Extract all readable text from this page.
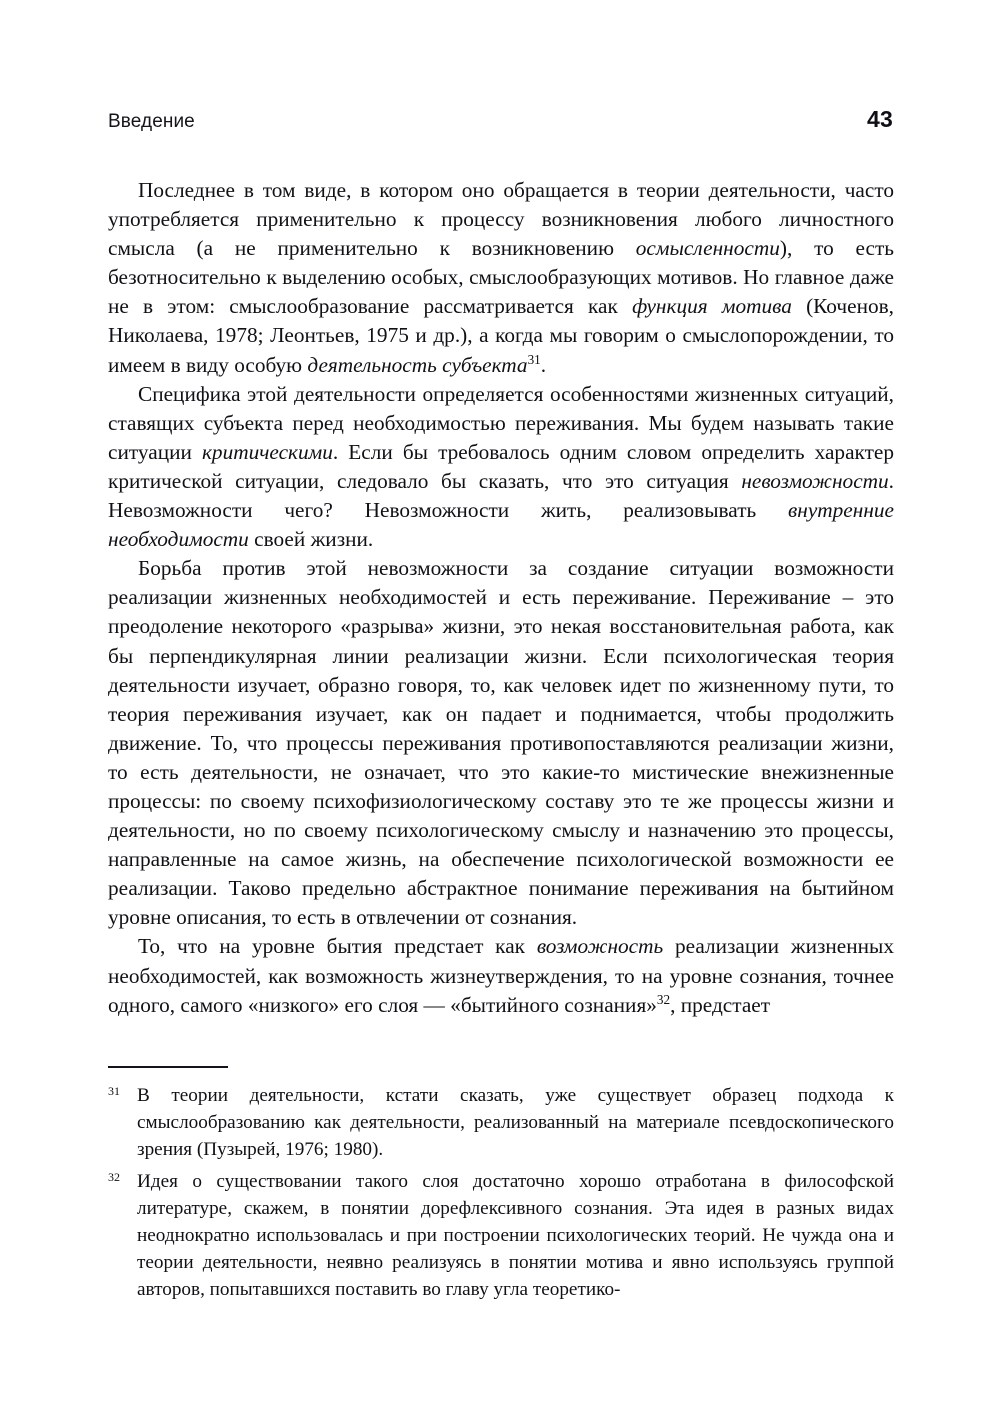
Введение	43

Последнее в том виде, в котором оно обращается в теории деятельности, часто употребляется применительно к процессу возникновения любого личностного смысла (а не применительно к возникновению осмысленности), то есть безотносительно к выделению особых, смыслообразующих мотивов. Но главное даже не в этом: смыслообразование рассматривается как функция мотива (Коченов, Николаева, 1978; Леонтьев, 1975 и др.), а когда мы говорим о смыслопорождении, то имеем в виду особую деятельность субъекта$^{31}$.

Специфика этой деятельности определяется особенностями жизненных ситуаций, ставящих субъекта перед необходимостью переживания. Мы будем называть такие ситуации критическими. Если бы требовалось одним словом определить характер критической ситуации, следовало бы сказать, что это ситуация невозможности. Невозможности чего? Невозможности жить, реализовывать внутренние необходимости своей жизни.

Борьба против этой невозможности за создание ситуации возможности реализации жизненных необходимостей и есть переживание. Переживание – это преодоление некоторого «разрыва» жизни, это некая восстановительная работа, как бы перпендикулярная линии реализации жизни. Если психологическая теория деятельности изучает, образно говоря, то, как человек идет по жизненному пути, то теория переживания изучает, как он падает и поднимается, чтобы продолжить движение. То, что процессы переживания противопоставляются реализации жизни, то есть деятельности, не означает, что это какие-то мистические внежизненные процессы: по своему психофизиологическому составу это те же процессы жизни и деятельности, но по своему психологическому смыслу и назначению это процессы, направленные на самое жизнь, на обеспечение психологической возможности ее реализации. Таково предельно абстрактное понимание переживания на бытийном уровне описания, то есть в отвлечении от сознания.

То, что на уровне бытия предстает как возможность реализации жизненных необходимостей, как возможность жизнеутверждения, то на уровне сознания, точнее одного, самого «низкого» его слоя — «бытийного сознания»$^{32}$, предстает

31 В теории деятельности, кстати сказать, уже существует образец подхода к смыслообразованию как деятельности, реализованный на материале псевдоскопического зрения (Пузырей, 1976; 1980).
32 Идея о существовании такого слоя достаточно хорошо отработана в философской литературе, скажем, в понятии дорефлексивного сознания. Эта идея в разных видах неоднократно использовалась и при построении психологических теорий. Не чужда она и теории деятельности, неявно реализуясь в понятии мотива и явно используясь группой авторов, попытавшихся поставить во главу угла теоретико-
